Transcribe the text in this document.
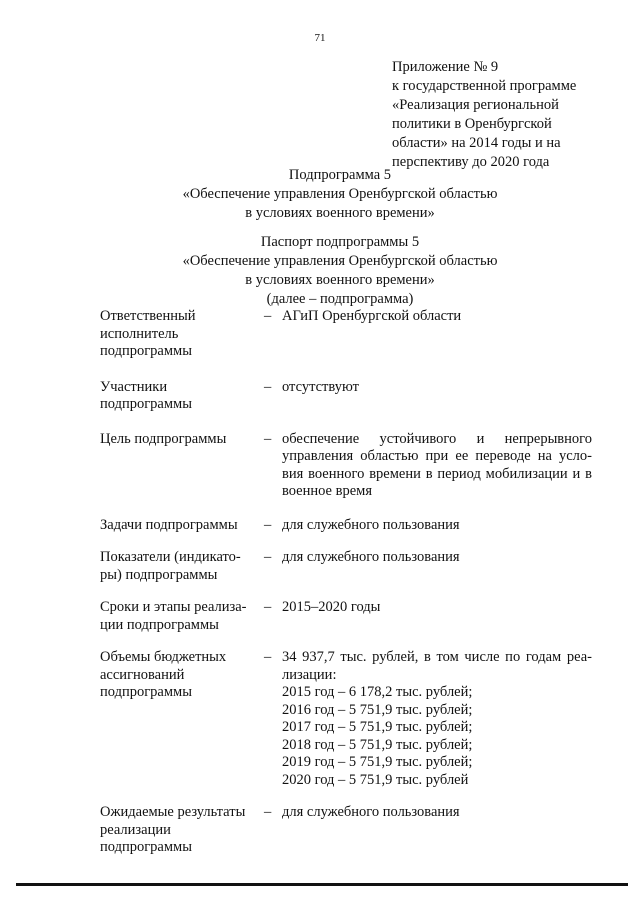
71
Приложение № 9
к государственной программе
«Реализация региональной
политики в Оренбургской
области» на 2014 годы и на
перспективу до 2020 года
Подпрограмма 5
«Обеспечение управления Оренбургской областью
в условиях военного времени»
Паспорт подпрограммы 5
«Обеспечение управления Оренбургской областью
в условиях военного времени»
(далее – подпрограмма)
Ответственный
исполнитель
подпрограммы
– АГиП Оренбургской области
Участники
подпрограммы
– отсутствуют
Цель подпрограммы	– обеспечение устойчивого и непрерывного
управления областью при ее переводе на усло-
вия военного времени в период мобилизации и в
военное время
Задачи подпрограммы	– для служебного пользования
Показатели (индикато-
ры) подпрограммы
– для служебного пользования
Сроки и этапы реализа-
ции подпрограммы
– 2015–2020 годы
Объемы бюджетных
ассигнований
подпрограммы
– 34 937,7 тыс. рублей, в том числе по годам реа-
лизации:
2015 год – 6 178,2 тыс. рублей;
2016 год – 5 751,9 тыс. рублей;
2017 год – 5 751,9 тыс. рублей;
2018 год – 5 751,9 тыс. рублей;
2019 год – 5 751,9 тыс. рублей;
2020 год – 5 751,9 тыс. рублей
Ожидаемые результаты
реализации
подпрограммы
– для служебного пользования
